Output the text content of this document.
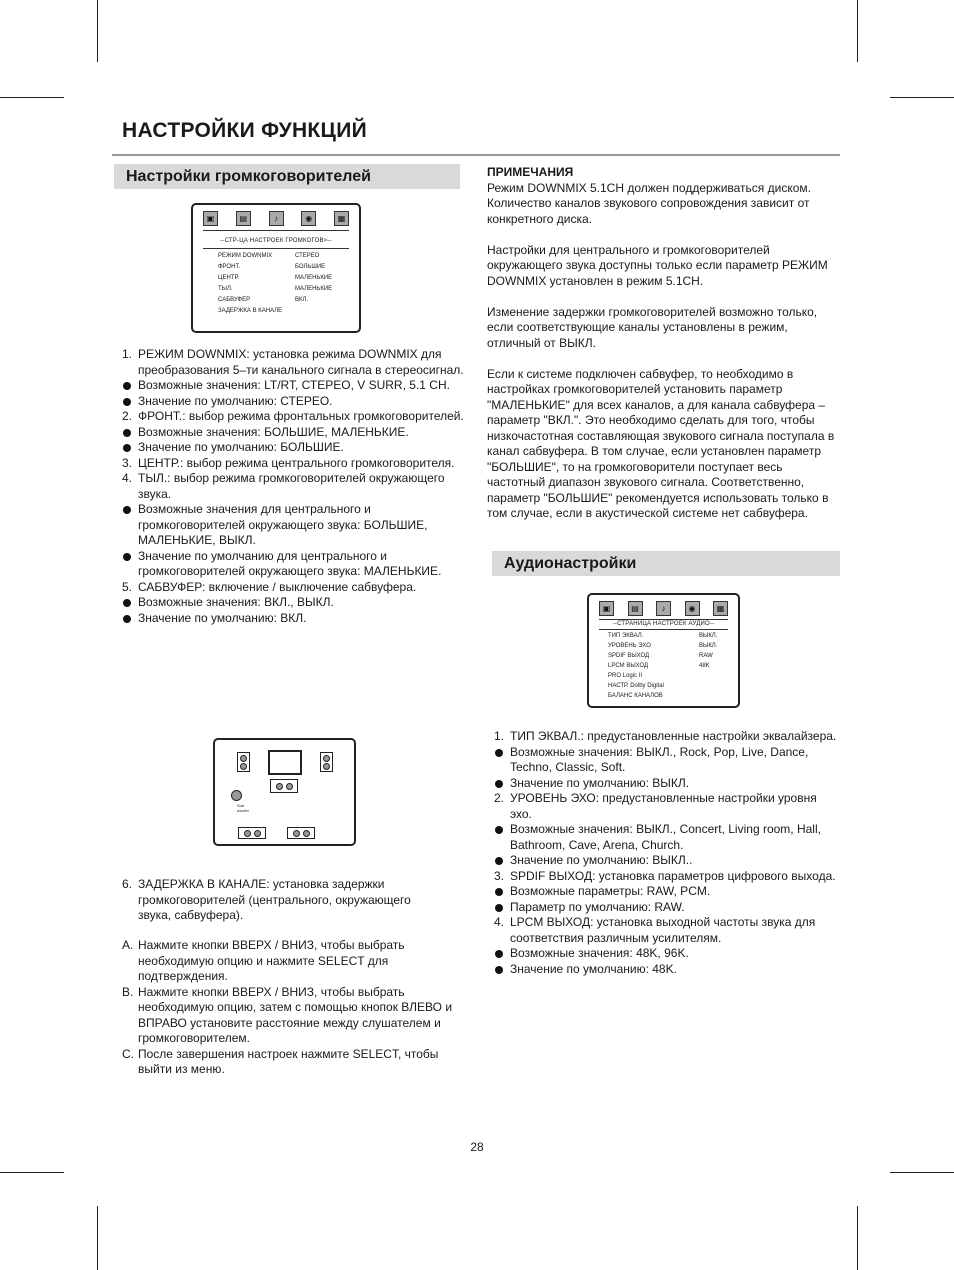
НАСТРОЙКИ ФУНКЦИЙ
Настройки громкоговорителей
Аудионастройки
▣	▤	♪	◉	▦
--СТР-ЦА НАСТРОЕК ГРОМКОГОВ>--
РЕЖИМ DOWNMIX	СТЕРЕО
ФРОНТ.	БОЛЬШИЕ
ЦЕНТР.	МАЛЕНЬКИЕ
ТЫЛ.	МАЛЕНЬКИЕ
САБВУФЕР	ВКЛ.
ЗАДЕРЖКА В КАНАЛЕ
▣	▤	♪	◉	▦
--СТРАНИЦА НАСТРОЕК АУДИО--
ТИП ЭКВАЛ.	ВЫКЛ.
УРОВЕНЬ ЭХО	ВЫКЛ.
SPDIF ВЫХОД	RAW
LPCM ВЫХОД	48K
PRO Logic II
НАСТР. Dolby Digital
БАЛАНС КАНАЛОВ
Sub woofer
1. РЕЖИМ DOWNMIX: установка режима DOWNMIX для преобразования 5–ти канального сигнала в стереосигнал.
Возможные значения: LT/RT, СТЕРЕО, V SURR, 5.1 CH.
Значение по умолчанию: СТЕРЕО.
2. ФРОНТ.: выбор режима фронтальных громкоговорителей.
Возможные значения: БОЛЬШИЕ, МАЛЕНЬКИЕ.
Значение по умолчанию: БОЛЬШИЕ.
3. ЦЕНТР.: выбор режима центрального громкоговорителя.
4. ТЫЛ.: выбор режима громкоговорителей окружающего звука.
Возможные значения для центрального и громкоговорителей окружающего звука: БОЛЬШИЕ, МАЛЕНЬКИЕ, ВЫКЛ.
Значение по умолчанию для центрального и громкоговорителей окружающего звука: МАЛЕНЬКИЕ.
5. САБВУФЕР: включение / выключение сабвуфера.
Возможные значения: ВКЛ., ВЫКЛ.
Значение по умолчанию: ВКЛ.
6. ЗАДЕРЖКА В КАНАЛЕ: установка задержки громкоговорителей (центрального, окружающего звука, сабвуфера).
A. Нажмите кнопки ВВЕРХ / ВНИЗ, чтобы выбрать необходимую опцию и нажмите SELECT для подтверждения.
B. Нажмите кнопки ВВЕРХ / ВНИЗ, чтобы выбрать необходимую опцию, затем с помощью кнопок ВЛЕВО и ВПРАВО установите расстояние между слушателем и громкоговорителем.
C. После завершения настроек нажмите SELECT, чтобы выйти из меню.
ПРИМЕЧАНИЯ
Режим DOWNMIX 5.1CH должен поддерживаться диском. Количество каналов звукового сопровождения зависит от конкретного диска.
Настройки для центрального и громкоговорителей окружающего звука доступны только если параметр РЕЖИМ DOWNMIX установлен в режим 5.1CH.
Изменение задержки громкоговорителей возможно только, если соответствующие каналы установлены в режим, отличный от ВЫКЛ.
Если к системе подключен сабвуфер, то необходимо в настройках громкоговорителей установить параметр "МАЛЕНЬКИЕ" для всех каналов, а для канала сабвуфера – параметр "ВКЛ.". Это необходимо сделать для того, чтобы низкочастотная составляющая звукового сигнала поступала в канал сабвуфера. В том случае, если установлен параметр "БОЛЬШИЕ", то на громкоговорители поступает весь частотный диапазон звукового сигнала. Соответственно, параметр "БОЛЬШИЕ" рекомендуется использовать только в том случае, если в акустической системе нет сабвуфера.
1. ТИП ЭКВАЛ.: предустановленные настройки эквалайзера.
Возможные значения: ВЫКЛ., Rock, Pop, Live, Dance, Techno, Classic, Soft.
Значение по умолчанию: ВЫКЛ.
2. УРОВЕНЬ ЭХО: предустановленные настройки уровня эхо.
Возможные значения: ВЫКЛ., Concert, Living room, Hall, Bathroom, Cave, Arena, Church.
Значение по умолчанию: ВЫКЛ..
3. SPDIF ВЫХОД: установка параметров цифрового выхода.
Возможные параметры: RAW, PCM.
Параметр по умолчанию: RAW.
4. LPCM ВЫХОД: установка выходной частоты звука для соответствия различным усилителям.
Возможные значения: 48K, 96K.
Значение по умолчанию: 48K.
28
